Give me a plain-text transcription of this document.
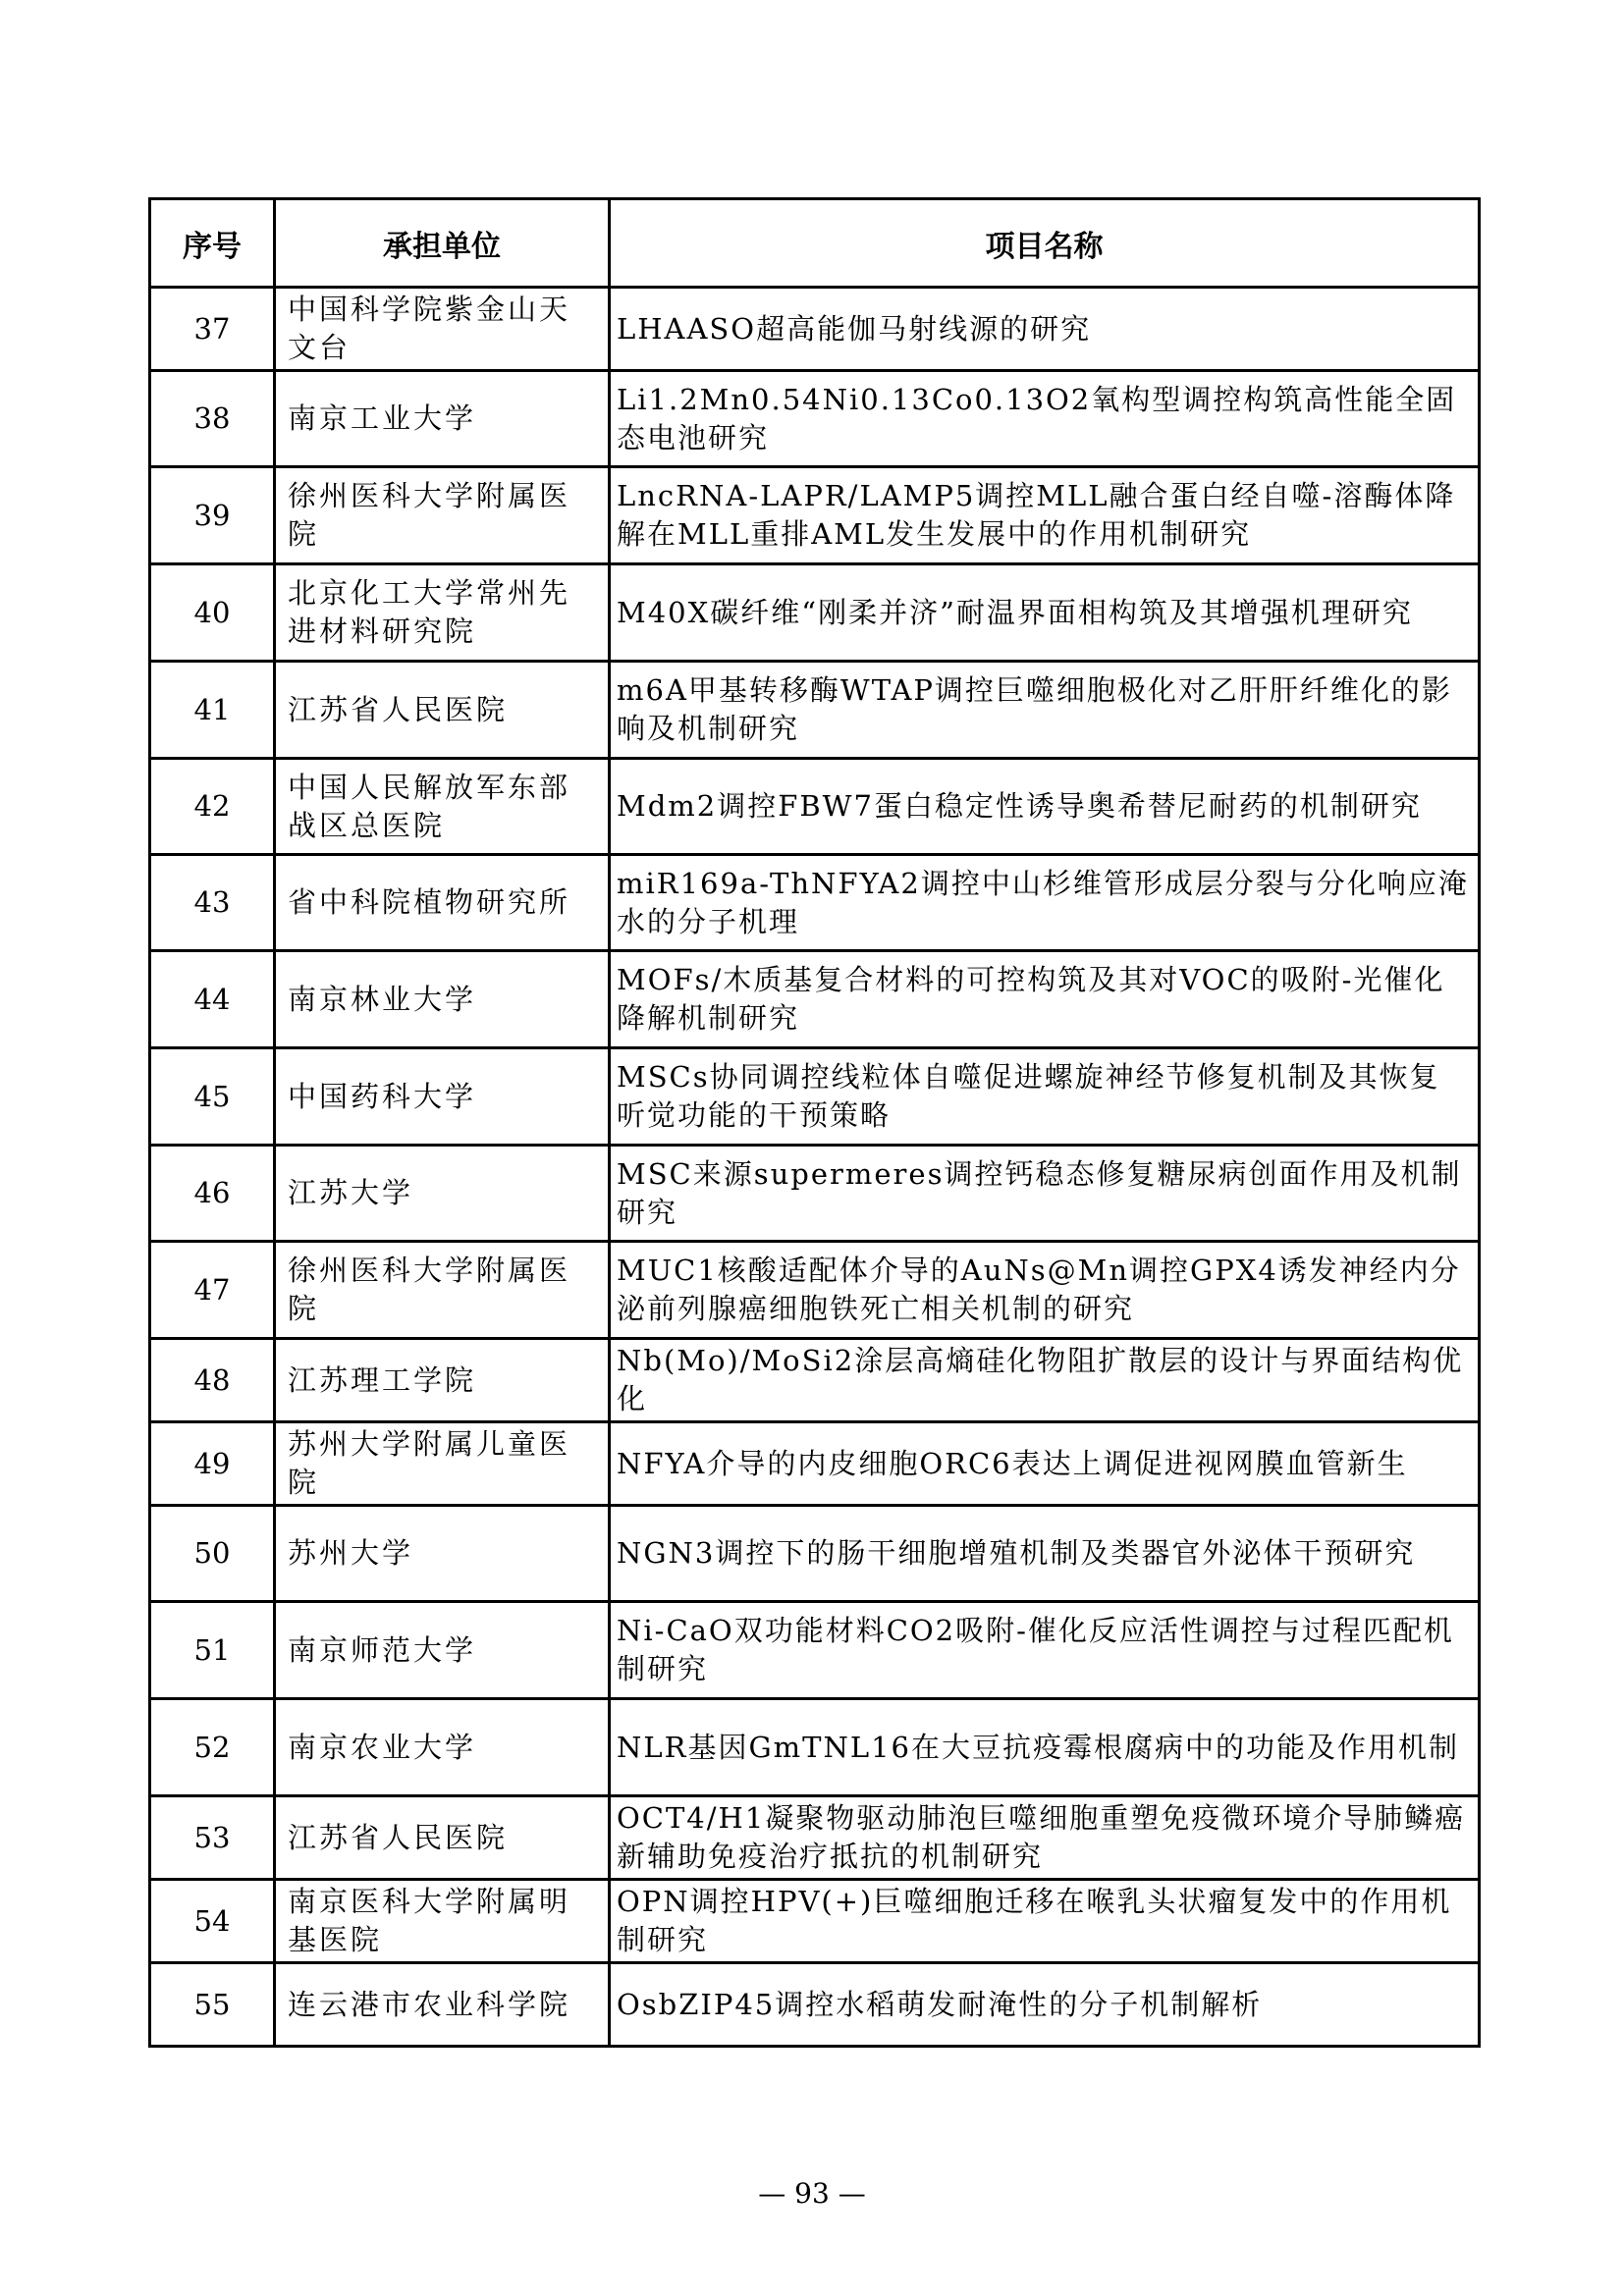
序号	承担单位	项目名称
37	中国科学院紫金山天文台	LHAASO超高能伽马射线源的研究
38	南京工业大学	Li1.2Mn0.54Ni0.13Co0.13O2氧构型调控构筑高性能全固态电池研究
39	徐州医科大学附属医院	LncRNA-LAPR/LAMP5调控MLL融合蛋白经自噬-溶酶体降解在MLL重排AML发生发展中的作用机制研究
40	北京化工大学常州先进材料研究院	M40X碳纤维“刚柔并济”耐温界面相构筑及其增强机理研究
41	江苏省人民医院	m6A甲基转移酶WTAP调控巨噬细胞极化对乙肝肝纤维化的影响及机制研究
42	中国人民解放军东部战区总医院	Mdm2调控FBW7蛋白稳定性诱导奥希替尼耐药的机制研究
43	省中科院植物研究所	miR169a-ThNFYA2调控中山杉维管形成层分裂与分化响应淹水的分子机理
44	南京林业大学	MOFs/木质基复合材料的可控构筑及其对VOC的吸附-光催化降解机制研究
45	中国药科大学	MSCs协同调控线粒体自噬促进螺旋神经节修复机制及其恢复听觉功能的干预策略
46	江苏大学	MSC来源supermeres调控钙稳态修复糖尿病创面作用及机制研究
47	徐州医科大学附属医院	MUC1核酸适配体介导的AuNs@Mn调控GPX4诱发神经内分泌前列腺癌细胞铁死亡相关机制的研究
48	江苏理工学院	Nb(Mo)/MoSi2涂层高熵硅化物阻扩散层的设计与界面结构优化
49	苏州大学附属儿童医院	NFYA介导的内皮细胞ORC6表达上调促进视网膜血管新生
50	苏州大学	NGN3调控下的肠干细胞增殖机制及类器官外泌体干预研究
51	南京师范大学	Ni-CaO双功能材料CO2吸附-催化反应活性调控与过程匹配机制研究
52	南京农业大学	NLR基因GmTNL16在大豆抗疫霉根腐病中的功能及作用机制
53	江苏省人民医院	OCT4/H1凝聚物驱动肺泡巨噬细胞重塑免疫微环境介导肺鳞癌新辅助免疫治疗抵抗的机制研究
54	南京医科大学附属明基医院	OPN调控HPV(+)巨噬细胞迁移在喉乳头状瘤复发中的作用机制研究
55	连云港市农业科学院	OsbZIP45调控水稻萌发耐淹性的分子机制解析
— 93 —
